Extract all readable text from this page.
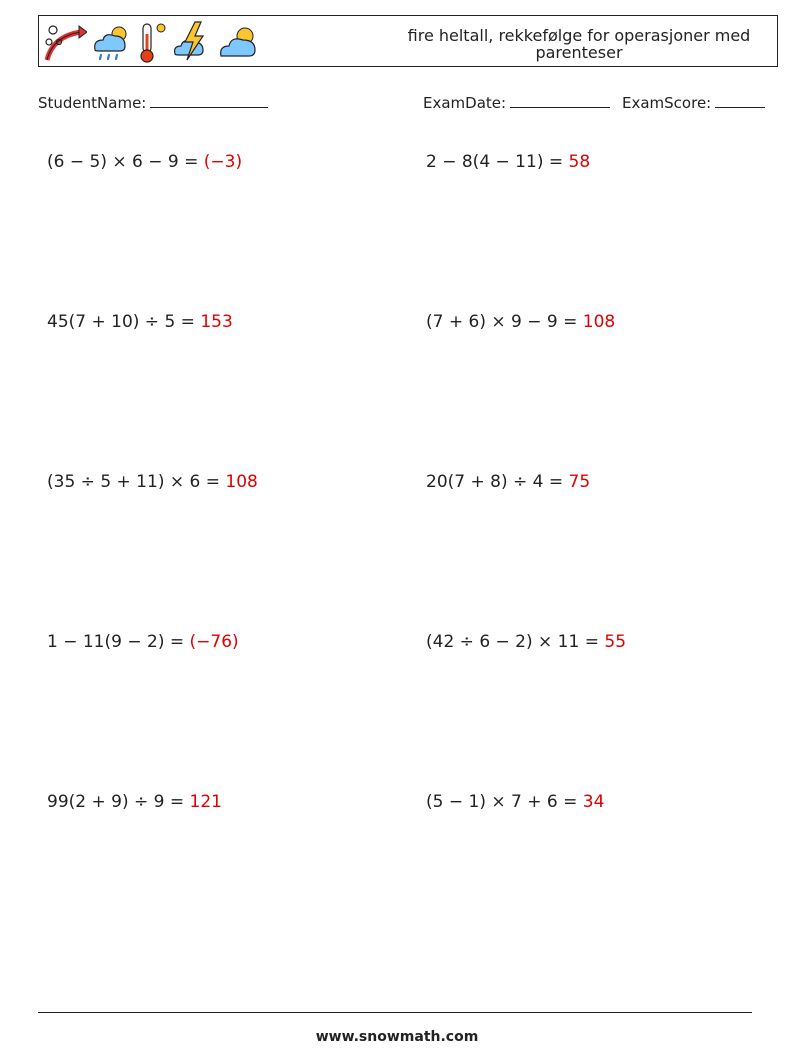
fire heltall, rekkefølge for operasjoner med parenteser
StudentName:	ExamDate:	ExamScore:
(6 − 5) × 6 − 9 = (−3)	2 − 8(4 − 11) = 58
45(7 + 10) ÷ 5 = 153	(7 + 6) × 9 − 9 = 108
(35 ÷ 5 + 11) × 6 = 108	20(7 + 8) ÷ 4 = 75
1 − 11(9 − 2) = (−76)	(42 ÷ 6 − 2) × 11 = 55
99(2 + 9) ÷ 9 = 121	(5 − 1) × 7 + 6 = 34
www.snowmath.com
